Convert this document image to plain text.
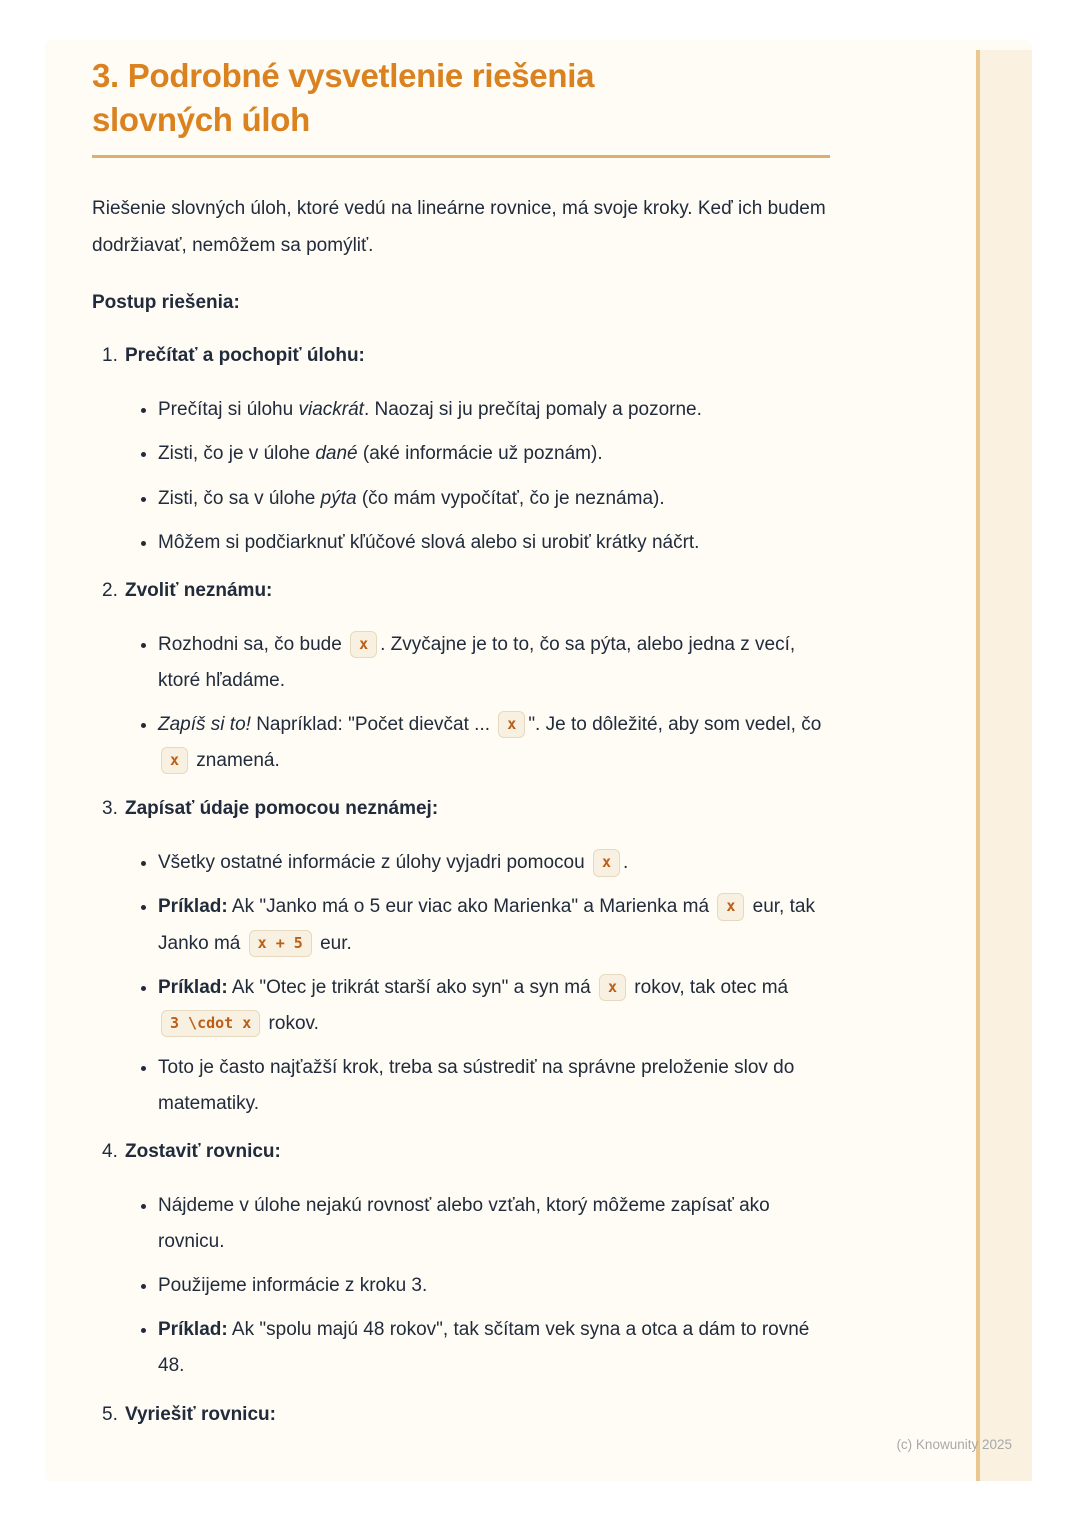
3. Podrobné vysvetlenie riešenia slovných úloh

Riešenie slovných úloh, ktoré vedú na lineárne rovnice, má svoje kroky. Keď ich budem dodržiavať, nemôžem sa pomýliť.

Postup riešenia:

1. Prečítať a pochopiť úlohu:
• Prečítaj si úlohu viackrát. Naozaj si ju prečítaj pomaly a pozorne.
• Zisti, čo je v úlohe dané (aké informácie už poznám).
• Zisti, čo sa v úlohe pýta (čo mám vypočítať, čo je neznáma).
• Môžem si podčiarknuť kľúčové slová alebo si urobiť krátky náčrt.
2. Zvoliť neznámu:
• Rozhodni sa, čo bude x . Zvyčajne je to to, čo sa pýta, alebo jedna z vecí, ktoré hľadáme.
• Zapíš si to! Napríklad: "Počet dievčat ... x ". Je to dôležité, aby som vedel, čo x znamená.
3. Zapísať údaje pomocou neznámej:
• Všetky ostatné informácie z úlohy vyjadri pomocou x .
• Príklad: Ak "Janko má o 5 eur viac ako Marienka" a Marienka má x eur, tak Janko má x + 5 eur.
• Príklad: Ak "Otec je trikrát starší ako syn" a syn má x rokov, tak otec má 3 \cdot x rokov.
• Toto je často najťažší krok, treba sa sústrediť na správne preloženie slov do matematiky.
4. Zostaviť rovnicu:
• Nájdeme v úlohe nejakú rovnosť alebo vzťah, ktorý môžeme zapísať ako rovnicu.
• Použijeme informácie z kroku 3.
• Príklad: Ak "spolu majú 48 rokov", tak sčítam vek syna a otca a dám to rovné 48.
5. Vyriešiť rovnicu:
(c) Knowunity 2025
